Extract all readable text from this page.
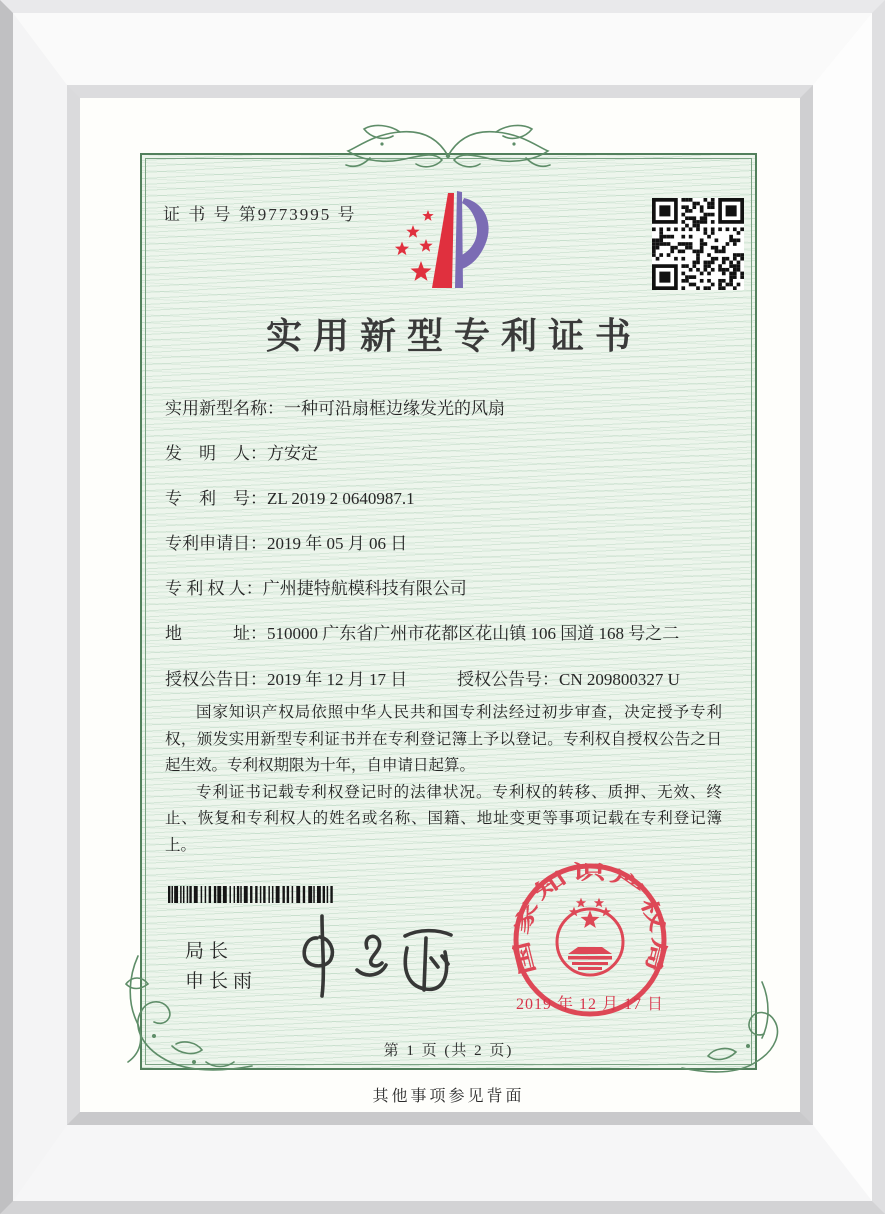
证 书 号 第9773995 号
实用新型专利证书
实用新型名称：一种可沿扇框边缘发光的风扇
发　明　人：方安定
专　利　号：ZL 2019 2 0640987.1
专利申请日：2019 年 05 月 06 日
专 利 权 人：广州捷特航模科技有限公司
地　　　址：510000 广东省广州市花都区花山镇 106 国道 168 号之二
授权公告日：2019 年 12 月 17 日	授权公告号：CN 209800327 U

国家知识产权局依照中华人民共和国专利法经过初步审查，决定授予专利权，颁发实用新型专利证书并在专利登记簿上予以登记。专利权自授权公告之日起生效。专利权期限为十年，自申请日起算。

专利证书记载专利权登记时的法律状况。专利权的转移、质押、无效、终止、恢复和专利权人的姓名或名称、国籍、地址变更等事项记载在专利登记簿上。

局长
申长雨
国家知识产权局
2019 年 12 月 17 日
第 1 页 (共 2 页)
其他事项参见背面
